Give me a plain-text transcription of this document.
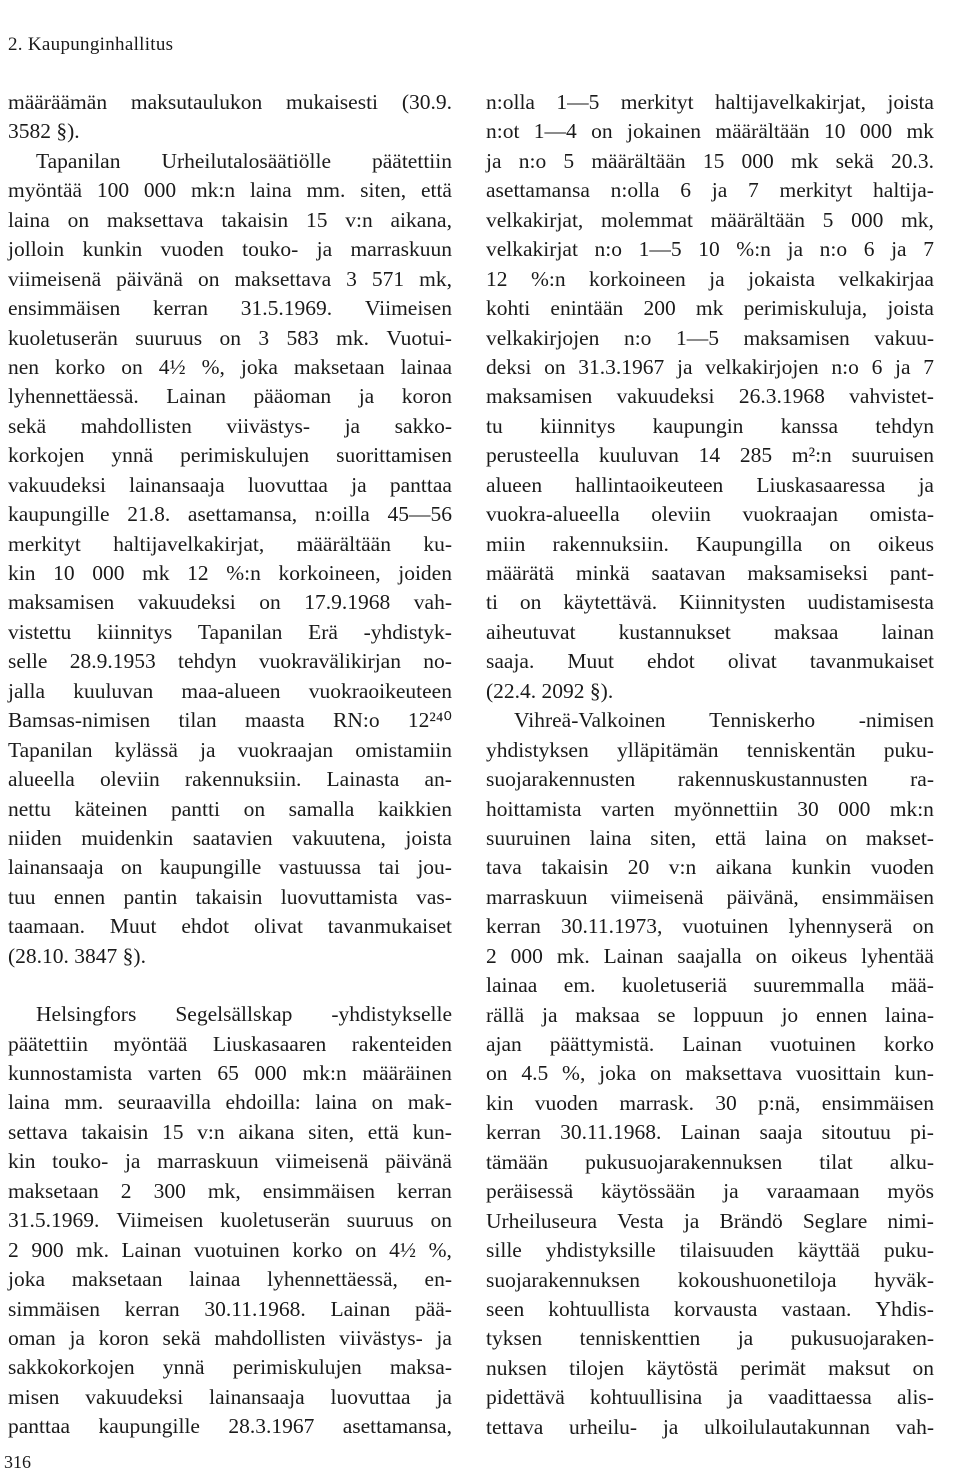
2. Kaupunginhallitus
määräämän maksutaulukon mukaisesti (30.9.
3582 §).
Tapanilan Urheilutalosäätiölle päätettiin
myöntää 100 000 mk:n laina mm. siten, että
laina on maksettava takaisin 15 v:n aikana,
jolloin kunkin vuoden touko- ja marraskuun
viimeisenä päivänä on maksettava 3 571 mk,
ensimmäisen kerran 31.5.1969. Viimeisen
kuoletuserän suuruus on 3 583 mk. Vuotui-
nen korko on 4½ %, joka maksetaan lainaa
lyhennettäessä. Lainan pääoman ja koron
sekä mahdollisten viivästys- ja sakko-
korkojen ynnä perimiskulujen suorittamisen
vakuudeksi lainansaaja luovuttaa ja panttaa
kaupungille 21.8. asettamansa, n:oilla 45—56
merkityt haltijavelkakirjat, määrältään ku-
kin 10 000 mk 12 %:n korkoineen, joiden
maksamisen vakuudeksi on 17.9.1968 vah-
vistettu kiinnitys Tapanilan Erä -yhdistyk-
selle 28.9.1953 tehdyn vuokravälikirjan no-
jalla kuuluvan maa-alueen vuokraoikeuteen
Bamsas-nimisen tilan maasta RN:o 12²⁴⁰
Tapanilan kylässä ja vuokraajan omistamiin
alueella oleviin rakennuksiin. Lainasta an-
nettu käteinen pantti on samalla kaikkien
niiden muidenkin saatavien vakuutena, joista
lainansaaja on kaupungille vastuussa tai jou-
tuu ennen pantin takaisin luovuttamista vas-
taamaan. Muut ehdot olivat tavanmukaiset
(28.10. 3847 §).
Helsingfors Segelsällskap -yhdistykselle
päätettiin myöntää Liuskasaaren rakenteiden
kunnostamista varten 65 000 mk:n määräinen
laina mm. seuraavilla ehdoilla: laina on mak-
settava takaisin 15 v:n aikana siten, että kun-
kin touko- ja marraskuun viimeisenä päivänä
maksetaan 2 300 mk, ensimmäisen kerran
31.5.1969. Viimeisen kuoletuserän suuruus on
2 900 mk. Lainan vuotuinen korko on 4½ %,
joka maksetaan lainaa lyhennettäessä, en-
simmäisen kerran 30.11.1968. Lainan pää-
oman ja koron sekä mahdollisten viivästys- ja
sakkokorkojen ynnä perimiskulujen maksa-
misen vakuudeksi lainansaaja luovuttaa ja
panttaa kaupungille 28.3.1967 asettamansa,
n:olla 1—5 merkityt haltijavelkakirjat, joista
n:ot 1—4 on jokainen määrältään 10 000 mk
ja n:o 5 määrältään 15 000 mk sekä 20.3.
asettamansa n:olla 6 ja 7 merkityt haltija-
velkakirjat, molemmat määrältään 5 000 mk,
velkakirjat n:o 1—5 10 %:n ja n:o 6 ja 7
12 %:n korkoineen ja jokaista velkakirjaa
kohti enintään 200 mk perimiskuluja, joista
velkakirjojen n:o 1—5 maksamisen vakuu-
deksi on 31.3.1967 ja velkakirjojen n:o 6 ja 7
maksamisen vakuudeksi 26.3.1968 vahvistet-
tu kiinnitys kaupungin kanssa tehdyn
perusteella kuuluvan 14 285 m²:n suuruisen
alueen hallintaoikeuteen Liuskasaaressa ja
vuokra-alueella oleviin vuokraajan omista-
miin rakennuksiin. Kaupungilla on oikeus
määrätä minkä saatavan maksamiseksi pant-
ti on käytettävä. Kiinnitysten uudistamisesta
aiheutuvat kustannukset maksaa lainan
saaja. Muut ehdot olivat tavanmukaiset
(22.4. 2092 §).
Vihreä-Valkoinen Tenniskerho -nimisen
yhdistyksen ylläpitämän tenniskentän puku-
suojarakennusten rakennuskustannusten ra-
hoittamista varten myönnettiin 30 000 mk:n
suuruinen laina siten, että laina on makset-
tava takaisin 20 v:n aikana kunkin vuoden
marraskuun viimeisenä päivänä, ensimmäisen
kerran 30.11.1973, vuotuinen lyhennyserä on
2 000 mk. Lainan saajalla on oikeus lyhentää
lainaa em. kuoletuseriä suuremmalla mää-
rällä ja maksaa se loppuun jo ennen laina-
ajan päättymistä. Lainan vuotuinen korko
on 4.5 %, joka on maksettava vuosittain kun-
kin vuoden marrask. 30 p:nä, ensimmäisen
kerran 30.11.1968. Lainan saaja sitoutuu pi-
tämään pukusuojarakennuksen tilat alku-
peräisessä käytössään ja varaamaan myös
Urheiluseura Vesta ja Brändö Seglare nimi-
sille yhdistyksille tilaisuuden käyttää puku-
suojarakennuksen kokoushuonetiloja hyväk-
seen kohtuullista korvausta vastaan. Yhdis-
tyksen tenniskenttien ja pukusuojaraken-
nuksen tilojen käytöstä perimät maksut on
pidettävä kohtuullisina ja vaadittaessa alis-
tettava urheilu- ja ulkoilulautakunnan vah-
316
